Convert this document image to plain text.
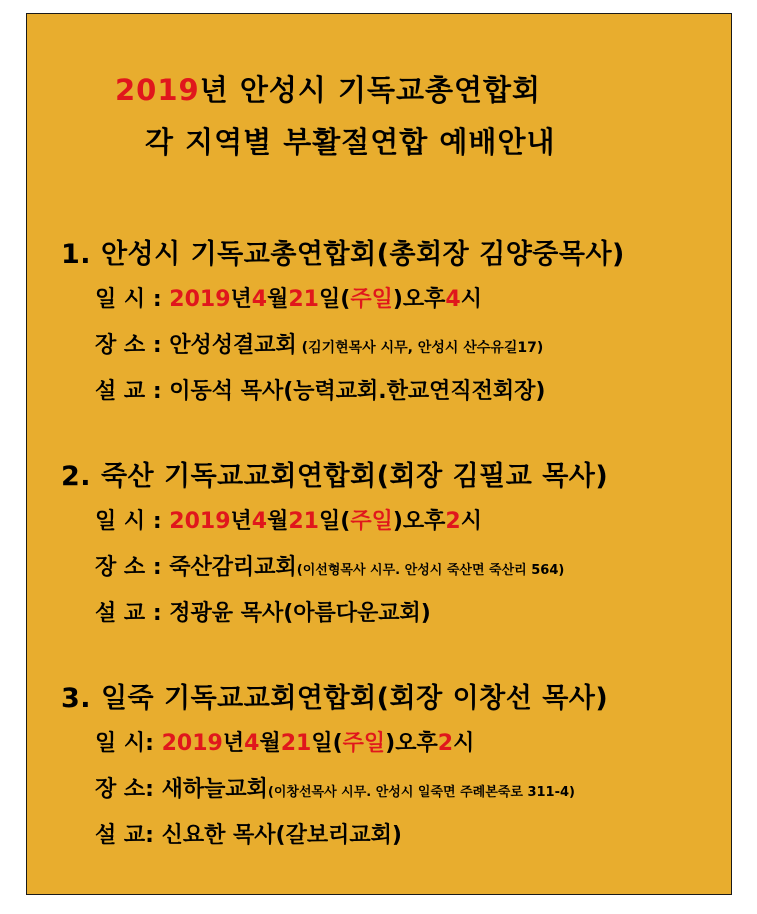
2019년 안성시 기독교총연합회
각 지역별 부활절연합 예배안내
1. 안성시 기독교총연합회(총회장 김양중목사)
일 시 : 2019년4월21일(주일)오후4시
장 소 : 안성성결교회 (김기현목사 시무, 안성시 산수유길17)
설 교 : 이동석 목사(능력교회.한교연직전회장)
2. 죽산 기독교교회연합회(회장 김필교 목사)
일 시 : 2019년4월21일(주일)오후2시
장 소 : 죽산감리교회(이선형목사 시무. 안성시 죽산면 죽산리 564)
설 교 : 정광윤 목사(아름다운교회)
3. 일죽 기독교교회연합회(회장 이창선 목사)
일 시: 2019년4월21일(주일)오후2시
장 소: 새하늘교회(이창선목사 시무. 안성시 일죽면 주례본죽로 311-4)
설 교: 신요한 목사(갈보리교회)
